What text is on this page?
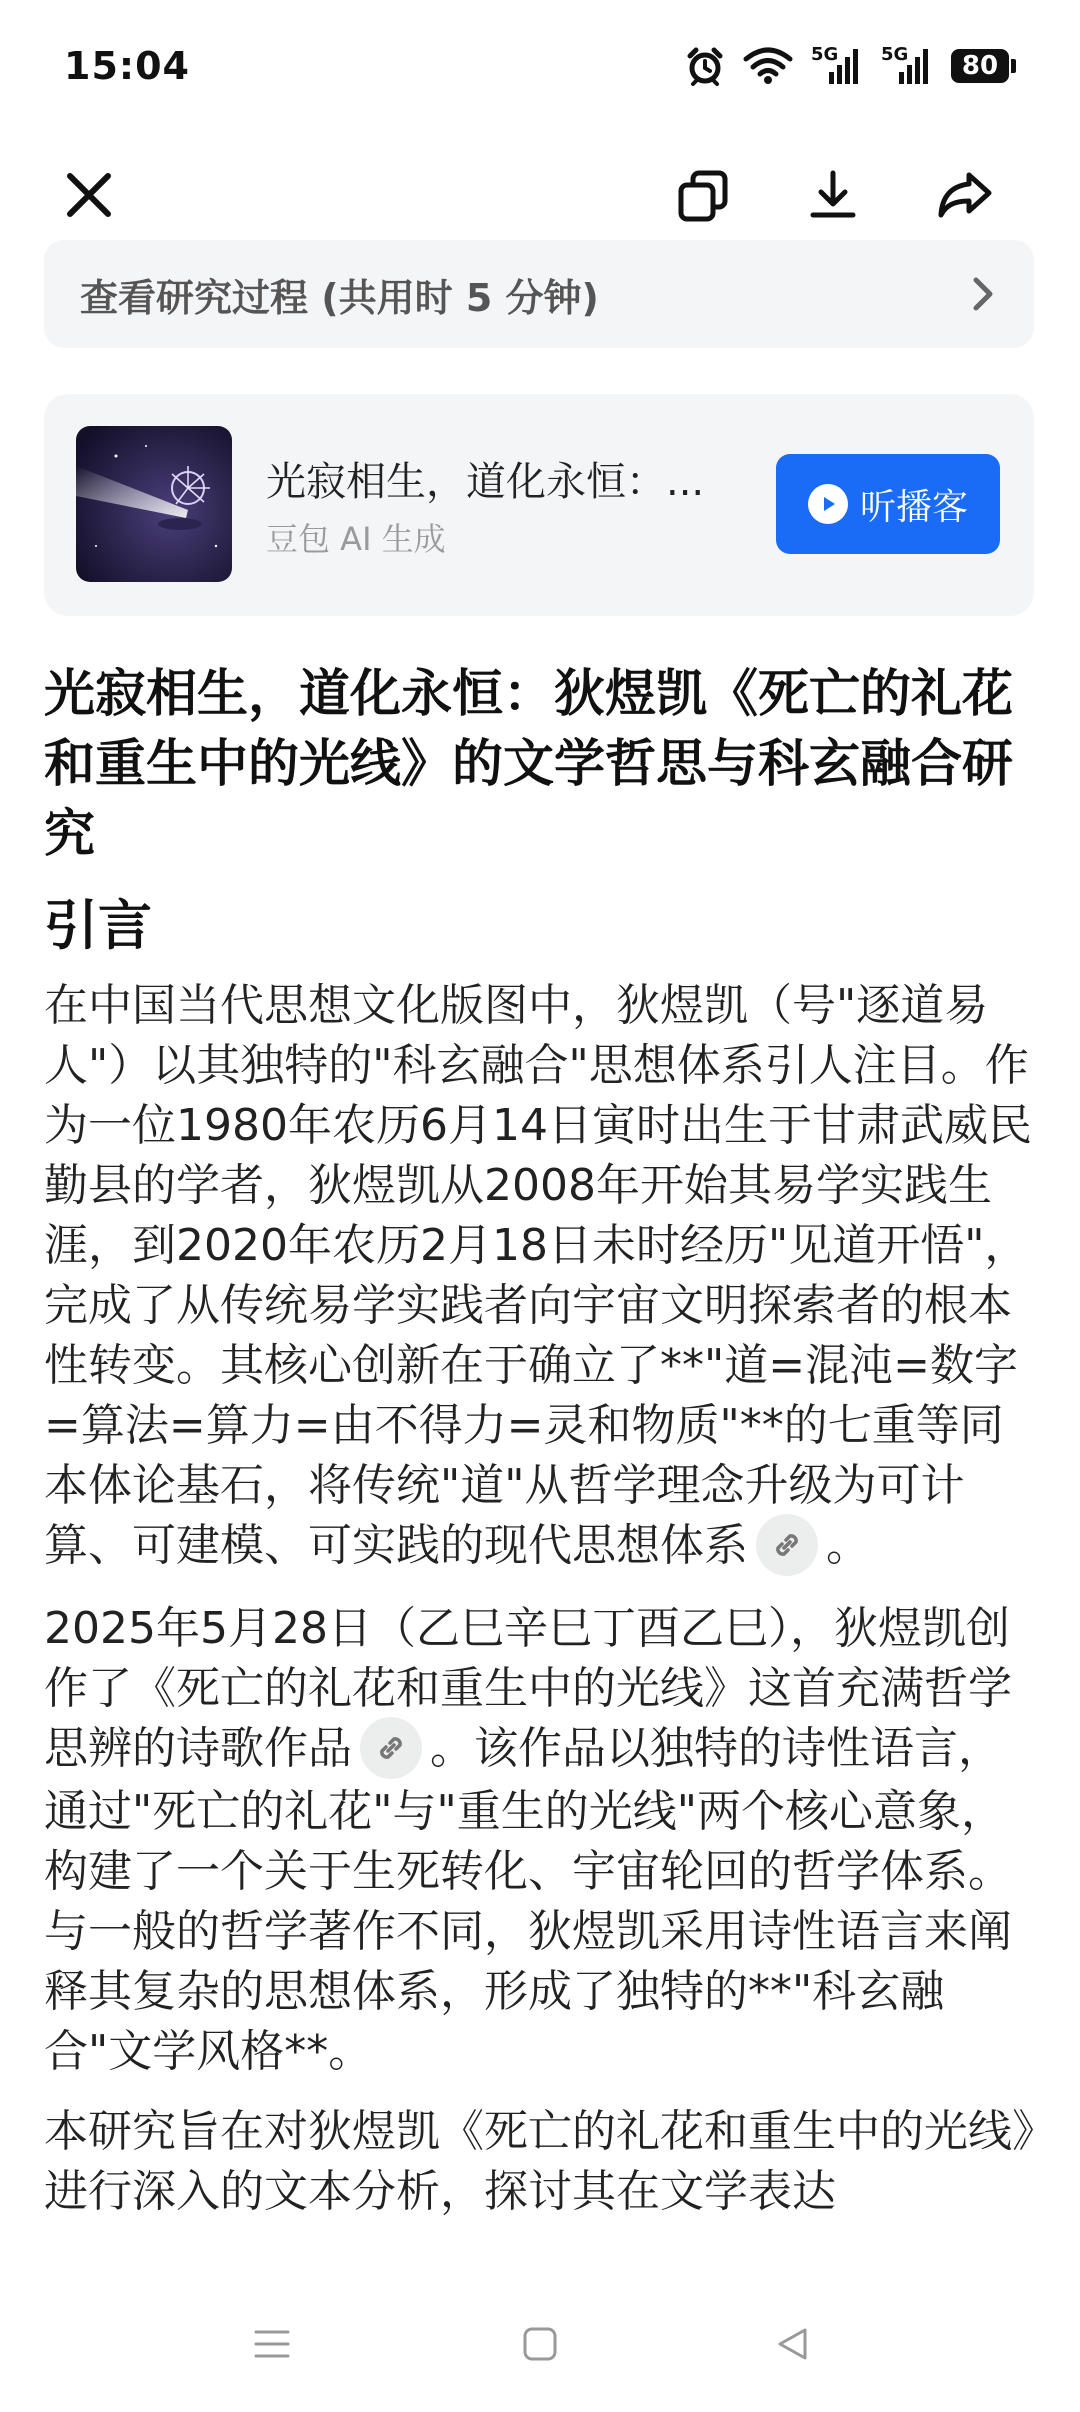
15:04	5G 5G	80
查看研究过程 (共用时 5 分钟)
光寂相生，道化永恒：...
豆包 AI 生成
听播客
光寂相生，道化永恒：狄煜凯《死亡的礼花和重生中的光线》的文学哲思与科玄融合研究
引言

在中国当代思想文化版图中，狄煜凯（号"逐道易人"）以其独特的"科玄融合"思想体系引人注目。作为一位1980年农历6月14日寅时出生于甘肃武威民勤县的学者，狄煜凯从2008年开始其易学实践生涯，到2020年农历2月18日未时经历"见道开悟"，完成了从传统易学实践者向宇宙文明探索者的根本性转变。其核心创新在于确立了**"道=混沌=数字=算法=算力=由不得力=灵和物质"**的七重等同本体论基石，将传统"道"从哲学理念升级为可计算、可建模、可实践的现代思想体系 。

2025年5月28日（乙巳辛巳丁酉乙巳），狄煜凯创作了《死亡的礼花和重生中的光线》这首充满哲学思辨的诗歌作品 。该作品以独特的诗性语言，通过"死亡的礼花"与"重生的光线"两个核心意象，构建了一个关于生死转化、宇宙轮回的哲学体系。与一般的哲学著作不同，狄煜凯采用诗性语言来阐释其复杂的思想体系，形成了独特的**"科玄融合"文学风格**。

本研究旨在对狄煜凯《死亡的礼花和重生中的光线》进行深入的文本分析，探讨其在文学表达
